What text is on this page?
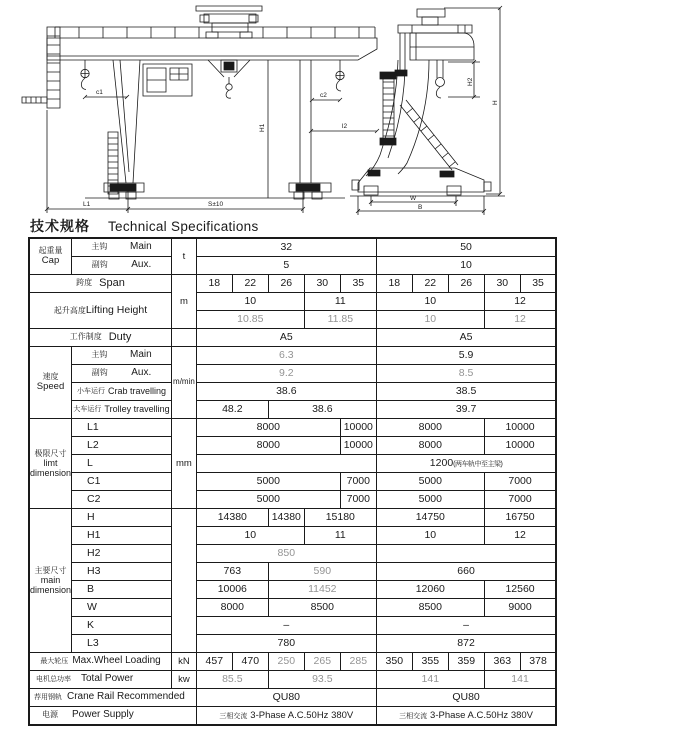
c1	c2
l2
H1
L1	S±10
H2
H
W
B
技术规格 Technical Specifications
起重量
Cap	主钩 Main	t	32					50				

	副钩 Aux.		5					10				

跨度 Span		m	18	22	26	30	35	18	22	26	30	35

起升高度Lifting Height			10			11		10			12	
			10.85			11.85		10			12	

工作制度 Duty			A5					A5				

速度
Speed	主钩 Main	m/min	6.3					5.9				

	副钩 Aux.		9.2					8.5				

	小车运行 Crab travelling		38.6					38.5				

	大车运行 Trolley travelling		48.2		38.6			39.7				

极限尺寸
limt
dimension	L1	mm	8000				10000	8000			10000	
	L2		8000				10000	8000			10000	
	L							1200(两车轨中至主梁)				
	C1		5000				7000	5000			7000	
	C2		5000				7000	5000			7000	

主要尺寸
main
dimension	H		14380		14380	15180		14750			16750	
	H1		10			11		10			12	
	H2		850									
	H3		763		590			660				
	B		10006		11452			12060			12560	
	W		8000		8500			8500			9000	
	K		–					–				
	L3		780					872				

最大轮压 Max.Wheel Loading		kN	457	470	250	265	285	350	355	359	363	378

电机总功率 Total Power		kw	85.5		93.5			141			141	

荐用钢轨 Crane Rail Recommended			QU80					QU80				

电源 Power Supply			三相交流 3-Phase A.C.50Hz 380V					三相交流 3-Phase A.C.50Hz 380V				
